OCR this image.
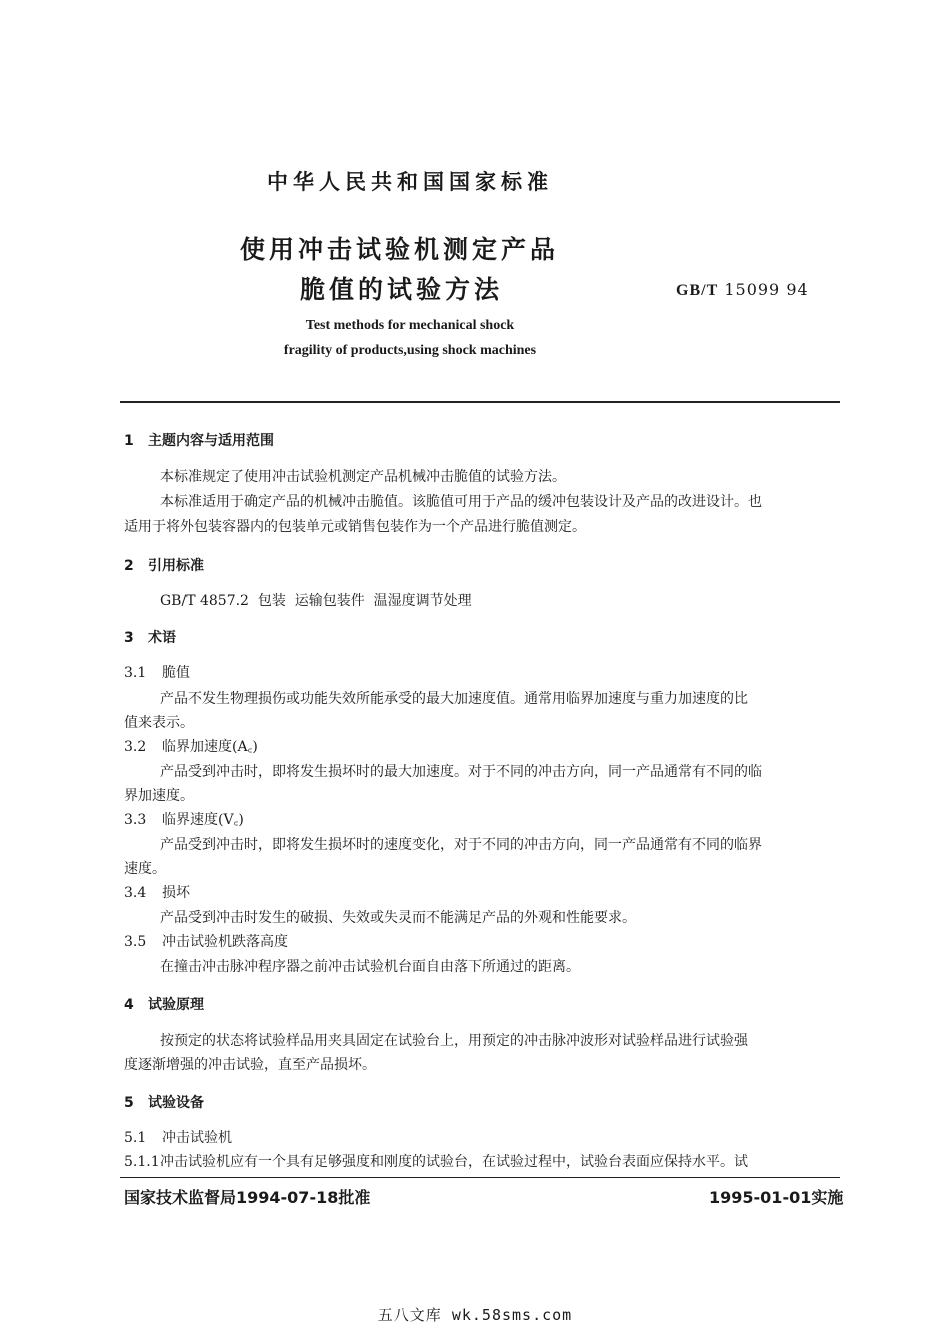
中华人民共和国国家标准
使用冲击试验机测定产品
脆值的试验方法	GB/T 15099 94
Test methods for mechanical shock
fragility of products,using shock machines
1 主题内容与适用范围
本标准规定了使用冲击试验机测定产品机械冲击脆值的试验方法。
本标准适用于确定产品的机械冲击脆值。该脆值可用于产品的缓冲包装设计及产品的改进设计。也
适用于将外包装容器内的包装单元或销售包装作为一个产品进行脆值测定。
2 引用标准
GB/T 4857.2  包装  运输包装件  温湿度调节处理
3 术语
3.1 脆值
产品不发生物理损伤或功能失效所能承受的最大加速度值。通常用临界加速度与重力加速度的比
值来表示。
3.2 临界加速度(A꜀)
产品受到冲击时，即将发生损坏时的最大加速度。对于不同的冲击方向，同一产品通常有不同的临
界加速度。
3.3 临界速度(V꜀)
产品受到冲击时，即将发生损坏时的速度变化，对于不同的冲击方向，同一产品通常有不同的临界
速度。
3.4 损坏
产品受到冲击时发生的破损、失效或失灵而不能满足产品的外观和性能要求。
3.5 冲击试验机跌落高度
在撞击冲击脉冲程序器之前冲击试验机台面自由落下所通过的距离。
4 试验原理
按预定的状态将试验样品用夹具固定在试验台上，用预定的冲击脉冲波形对试验样品进行试验强
度逐渐增强的冲击试验，直至产品损坏。
5 试验设备
5.1 冲击试验机
5.1.1冲击试验机应有一个具有足够强度和刚度的试验台，在试验过程中，试验台表面应保持水平。试
国家技术监督局1994-07-18批准	1995-01-01实施
五八文库 wk.58sms.com
